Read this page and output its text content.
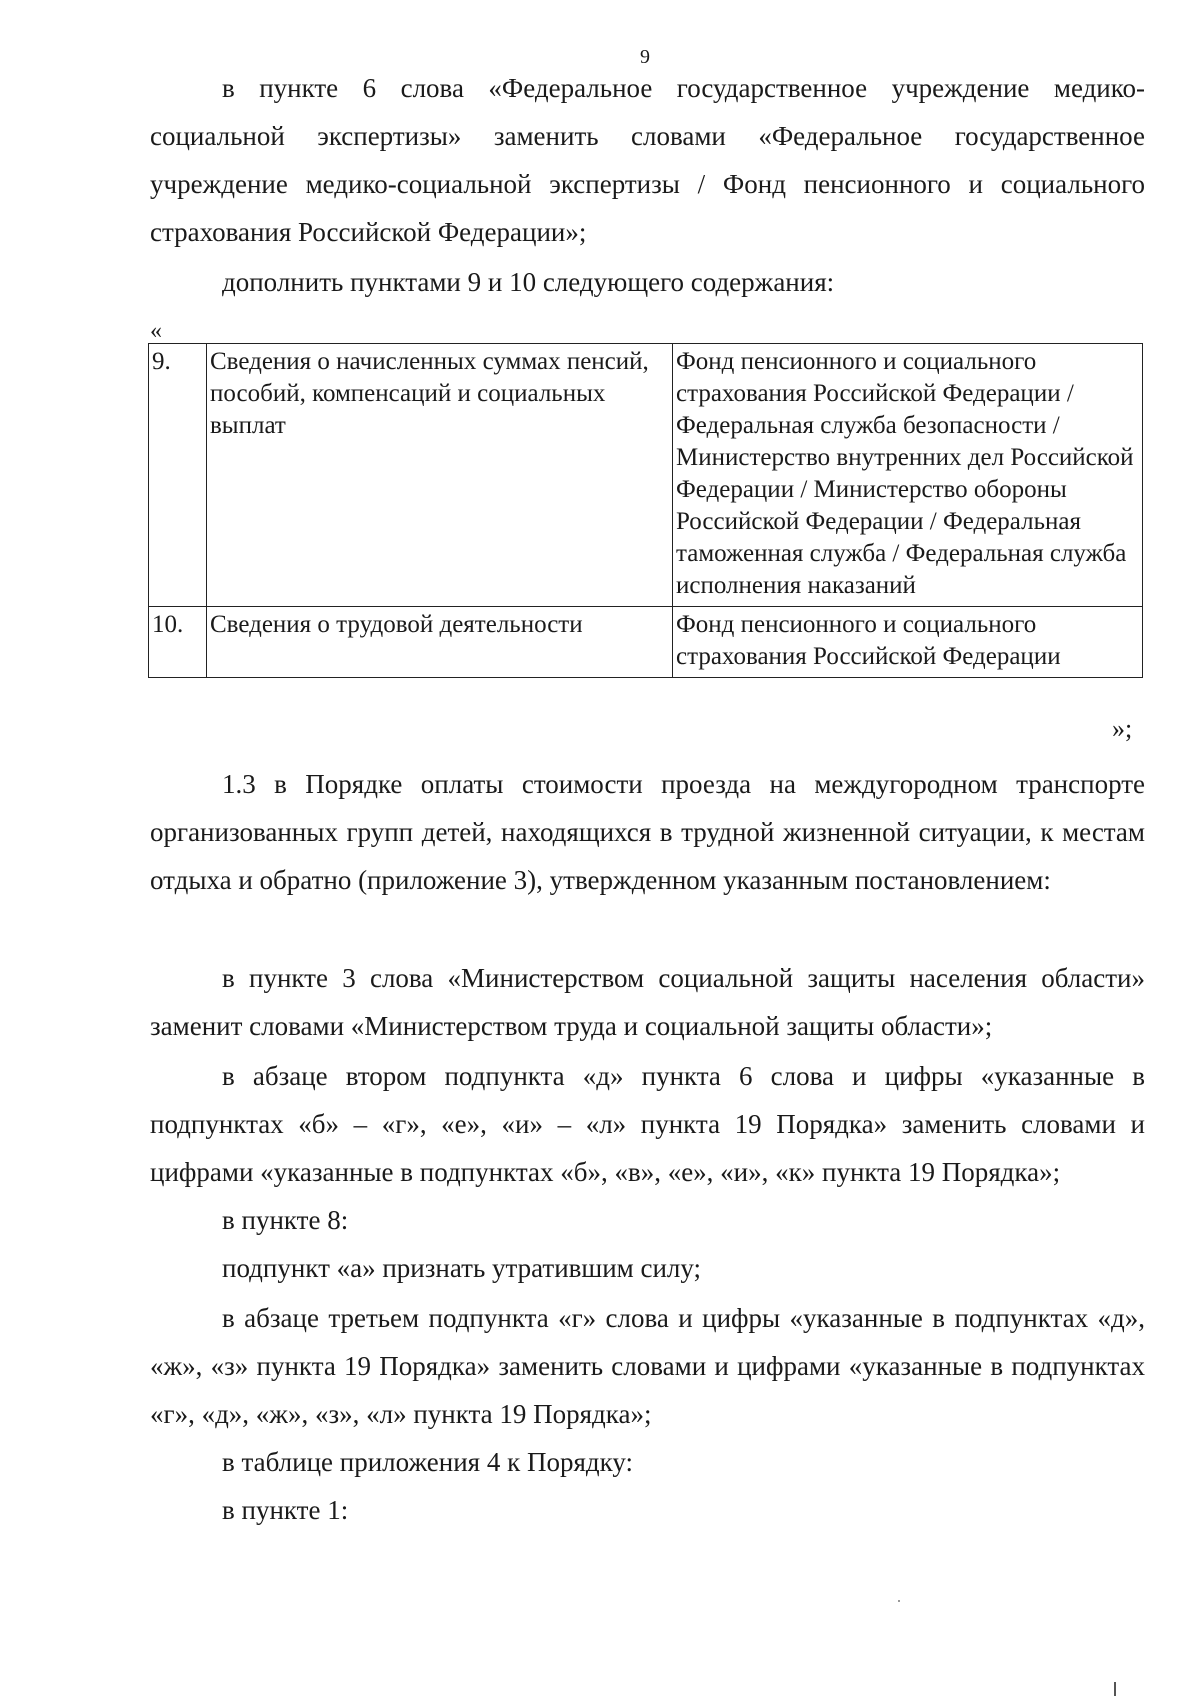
9

в пункте 6 слова «Федеральное государственное учреждение медико-социальной экспертизы» заменить словами «Федеральное государственное учреждение медико-социальной экспертизы / Фонд пенсионного и социального страхования Российской Федерации»;

дополнить пунктами 9 и 10 следующего содержания:

«
9.	Сведения о начисленных суммах пенсий, пособий, компенсаций и социальных выплат	Фонд пенсионного и социального страхования Российской Федерации / Федеральная служба безопасности / Министерство внутренних дел Российской Федерации / Министерство обороны Российской Федерации / Федеральная таможенная служба / Федеральная служба исполнения наказаний
10.	Сведения о трудовой деятельности	Фонд пенсионного и социального страхования Российской Федерации
»;

1.3 в Порядке оплаты стоимости проезда на междугородном транспорте организованных групп детей, находящихся в трудной жизненной ситуации, к местам отдыха и обратно (приложение 3), утвержденном указанным постановлением:

в пункте 3 слова «Министерством социальной защиты населения области» заменит словами «Министерством труда и социальной защиты области»;

в абзаце втором подпункта «д» пункта 6 слова и цифры «указанные в подпунктах «б» – «г», «е», «и» – «л» пункта 19 Порядка» заменить словами и цифрами «указанные в подпунктах «б», «в», «е», «и», «к» пункта 19 Порядка»;

в пункте 8:

подпункт «а» признать утратившим силу;

в абзаце третьем подпункта «г» слова и цифры «указанные в подпунктах «д», «ж», «з» пункта 19 Порядка» заменить словами и цифрами «указанные в подпунктах «г», «д», «ж», «з», «л» пункта 19 Порядка»;

в таблице приложения 4 к Порядку:

в пункте 1:
